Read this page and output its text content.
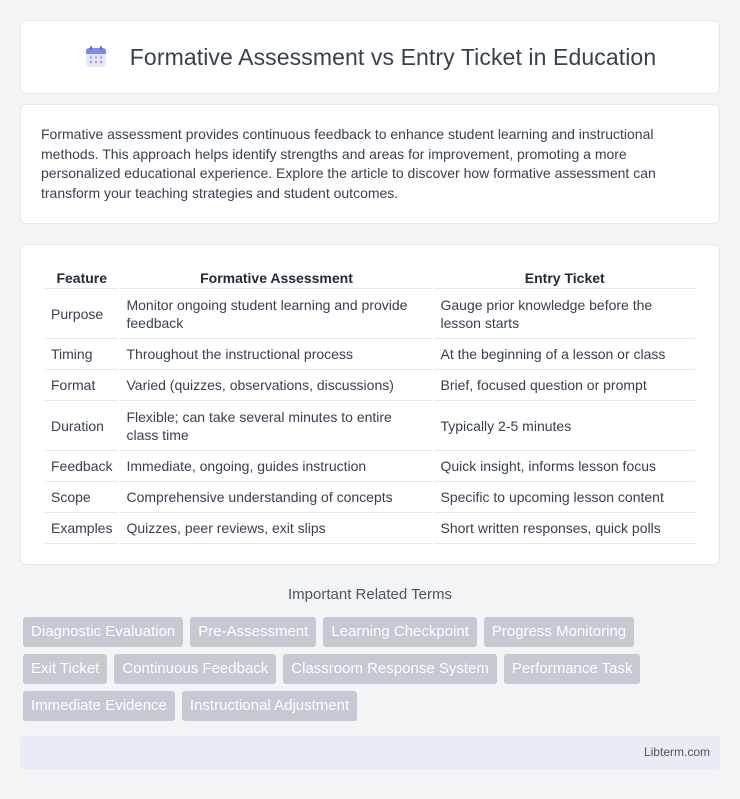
Formative Assessment vs Entry Ticket in Education

Formative assessment provides continuous feedback to enhance student learning and instructional methods. This approach helps identify strengths and areas for improvement, promoting a more personalized educational experience. Explore the article to discover how formative assessment can transform your teaching strategies and student outcomes.

Feature	Formative Assessment	Entry Ticket
Purpose	Monitor ongoing student learning and provide feedback	Gauge prior knowledge before the lesson starts
Timing	Throughout the instructional process	At the beginning of a lesson or class
Format	Varied (quizzes, observations, discussions)	Brief, focused question or prompt
Duration	Flexible; can take several minutes to entire class time	Typically 2-5 minutes
Feedback	Immediate, ongoing, guides instruction	Quick insight, informs lesson focus
Scope	Comprehensive understanding of concepts	Specific to upcoming lesson content
Examples	Quizzes, peer reviews, exit slips	Short written responses, quick polls
Important Related Terms
Diagnostic Evaluation	Pre-Assessment	Learning Checkpoint	Progress Monitoring
Exit Ticket	Continuous Feedback	Classroom Response System	Performance Task
Immediate Evidence	Instructional Adjustment
Libterm.com
